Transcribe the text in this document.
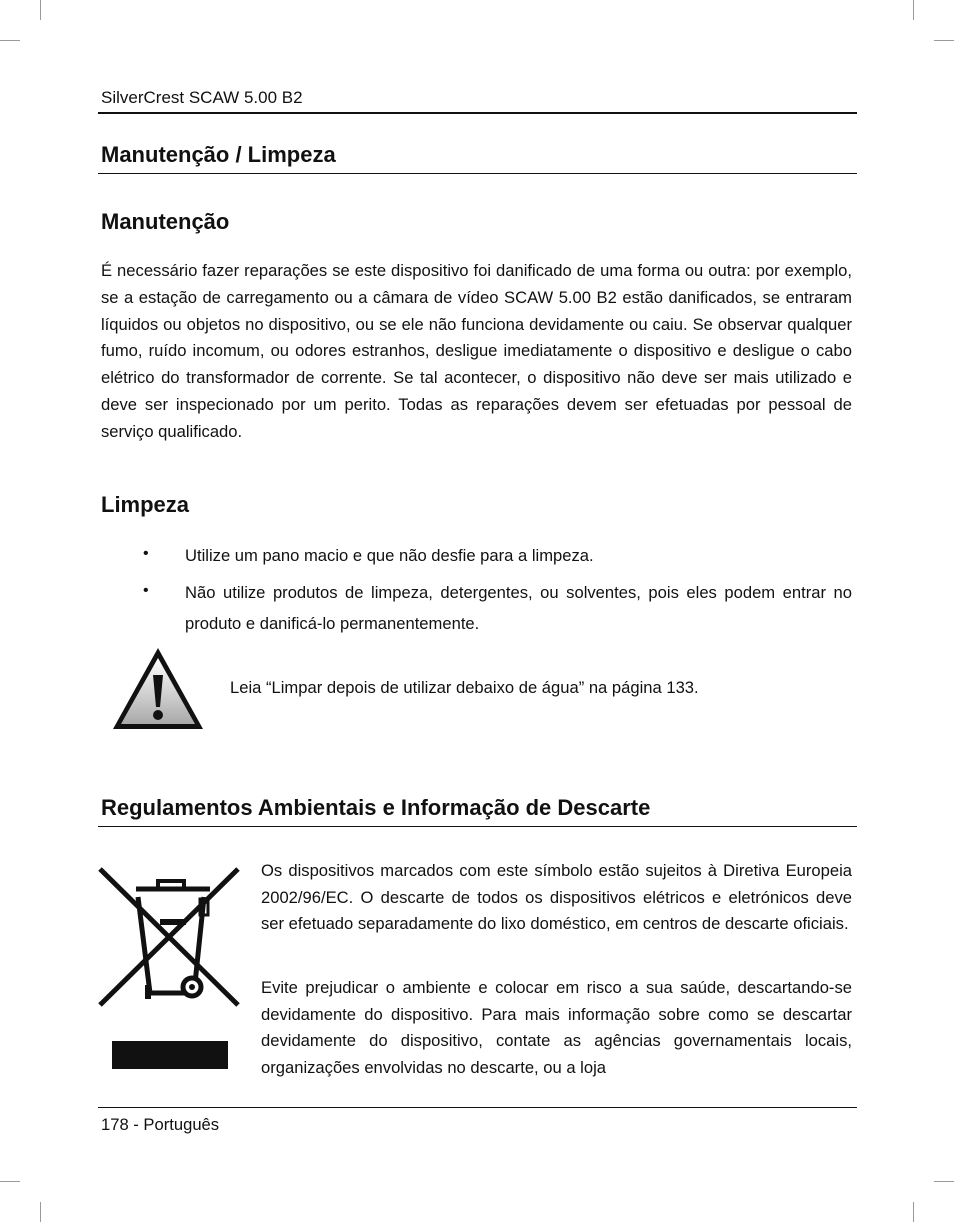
SilverCrest SCAW 5.00 B2
Manutenção / Limpeza
Manutenção

É necessário fazer reparações se este dispositivo foi danificado de uma forma ou outra: por exemplo, se a estação de carregamento ou a câmara de vídeo SCAW 5.00 B2 estão danificados, se entraram líquidos ou objetos no dispositivo, ou se ele não funciona devidamente ou caiu. Se observar qualquer fumo, ruído incomum, ou odores estranhos, desligue imediatamente o dispositivo e desligue o cabo elétrico do transformador de corrente. Se tal acontecer, o dispositivo não deve ser mais utilizado e deve ser inspecionado por um perito. Todas as reparações devem ser efetuadas por pessoal de serviço qualificado.

Limpeza
• Utilize um pano macio e que não desfie para a limpeza.

• Não utilize produtos de limpeza, detergentes, ou solventes, pois eles podem entrar no produto e danificá-lo permanentemente.

Leia “Limpar depois de utilizar debaixo de água” na página 133.
Regulamentos Ambientais e Informação de Descarte

Os dispositivos marcados com este símbolo estão sujeitos à Diretiva Europeia 2002/96/EC. O descarte de todos os dispositivos elétricos e eletrónicos deve ser efetuado separadamente do lixo doméstico, em centros de descarte oficiais.

Evite prejudicar o ambiente e colocar em risco a sua saúde, descartando-se devidamente do dispositivo. Para mais informação sobre como se descartar devidamente do dispositivo, contate as agências governamentais locais, organizações envolvidas no descarte, ou a loja

178 - Português
